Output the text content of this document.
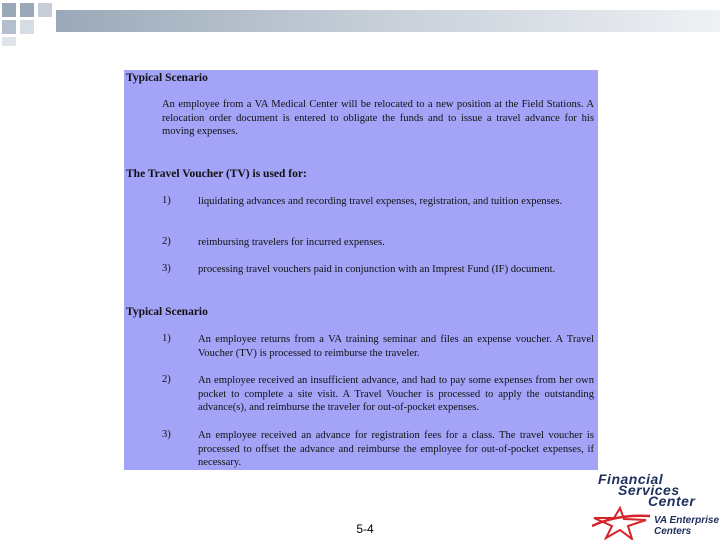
Typical Scenario
An employee from a VA Medical Center will be relocated to a new position at the Field Stations. A relocation order document is entered to obligate the funds and to issue a travel advance for his moving expenses.
The Travel Voucher (TV) is used for:
1)	liquidating advances and recording travel expenses, registration, and tuition expenses.
2)	reimbursing travelers for incurred expenses.
3)	processing travel vouchers paid in conjunction with an Imprest Fund (IF) document.
Typical Scenario
1)	An employee returns from a VA training seminar and files an expense voucher. A Travel Voucher (TV) is processed to reimburse the traveler.
2)	An employee received an insufficient advance, and had to pay some expenses from her own pocket to complete a site visit. A Travel Voucher is processed to apply the outstanding advance(s), and reimburse the traveler for out-of-pocket expenses.
3)	An employee received an advance for registration fees for a class. The travel voucher is processed to offset the advance and reimburse the employee for out-of-pocket expenses, if necessary.
5-4
Financial
Services
Center
VA Enterprise
Centers
